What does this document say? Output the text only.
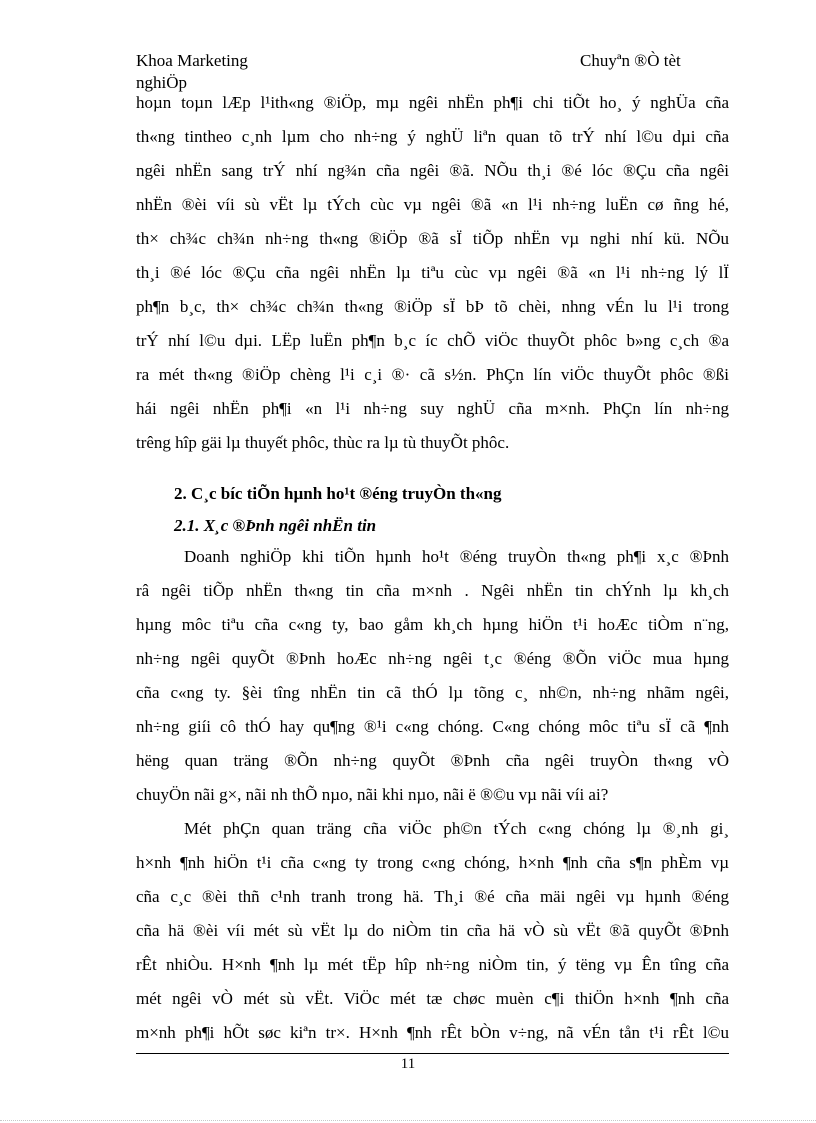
Khoa Marketing
nghiÖp
Chuyªn ®Ò tèt
hoµn toµn lÆp l¹ith«ng ®iÖp, mµ ngêi nhËn ph¶i chi tiÕt ho¸ ý nghÜa cña
th«ng tintheo c¸nh lµm cho nh÷ng ý nghÜ liªn quan tõ trÝ nhí l©u dµi cña
ngêi nhËn sang trÝ nhí ng¾n cña ngêi ®ã. NÕu th¸i ®é lóc ®Çu cña ngêi
nhËn ®èi víi sù vËt lµ tÝch cùc vµ ngêi ®ã «n l¹i nh÷ng luËn cø ñng hé,
th× ch¾c ch¾n nh÷ng th«ng ®iÖp ®ã sÏ tiÕp nhËn vµ nghi nhí kü. NÕu
th¸i ®é lóc ®Çu cña ngêi nhËn lµ tiªu cùc vµ ngêi ®ã «n l¹i nh÷ng lý lÏ
ph¶n b¸c, th× ch¾c ch¾n th«ng ®iÖp sÏ bÞ tõ chèi, nhng vÉn lu l¹i trong
trÝ nhí l©u dµi. LËp luËn ph¶n b¸c íc chÕ viÖc thuyÕt phôc b»ng c¸ch ®a
ra mét th«ng ®iÖp chèng l¹i c¸i ®· cã s½n. PhÇn lín viÖc thuyÕt phôc ®ßi
hái ngêi nhËn ph¶i «n l¹i nh÷ng suy nghÜ cña m×nh. PhÇn lín nh÷ng
trêng hîp gäi lµ thuyết phôc, thùc ra lµ tù thuyÕt phôc.
2. C¸c bíc tiÕn hµnh ho¹t ®éng truyÒn th«ng
2.1. X¸c ®Þnh ngêi nhËn tin
Doanh nghiÖp khi tiÕn hµnh ho¹t ®éng truyÒn th«ng ph¶i x¸c ®Þnh
râ ngêi tiÕp nhËn th«ng tin cña m×nh . Ngêi nhËn tin chÝnh lµ kh¸ch
hµng môc tiªu cña c«ng ty, bao gåm kh¸ch hµng hiÖn t¹i hoÆc tiÒm n¨ng,
nh÷ng ngêi quyÕt ®Þnh hoÆc nh÷ng ngêi t¸c ®éng ®Õn viÖc mua hµng
cña c«ng ty. §èi tîng nhËn tin cã thÓ lµ tõng c¸ nh©n, nh÷ng nhãm ngêi,
nh÷ng giíi cô thÓ hay qu¶ng ®¹i c«ng chóng. C«ng chóng môc tiªu sÏ cã ¶nh
hëng quan träng ®Õn nh÷ng quyÕt ®Þnh cña ngêi truyÒn th«ng vÒ
chuyÖn nãi g×, nãi nh thÕ nµo, nãi khi nµo, nãi ë ®©u vµ nãi víi ai?
Mét phÇn quan träng cña viÖc ph©n tÝch c«ng chóng lµ ®¸nh gi¸
h×nh ¶nh hiÖn t¹i cña c«ng ty trong c«ng chóng, h×nh ¶nh cña s¶n phÈm vµ
cña c¸c ®èi thñ c¹nh tranh trong hä. Th¸i ®é cña mäi ngêi vµ hµnh ®éng
cña hä ®èi víi mét sù vËt lµ do niÒm tin cña hä vÒ sù vËt ®ã quyÕt ®Þnh
rÊt nhiÒu. H×nh ¶nh lµ mét tËp hîp nh÷ng niÒm tin, ý tëng vµ Ên tîng cña
mét ngêi vÒ mét sù vËt. ViÖc mét tæ chøc muèn c¶i thiÖn h×nh ¶nh cña
m×nh ph¶i hÕt søc kiªn tr×. H×nh ¶nh rÊt bÒn v÷ng, nã vÉn tån t¹i rÊt l©u
11
